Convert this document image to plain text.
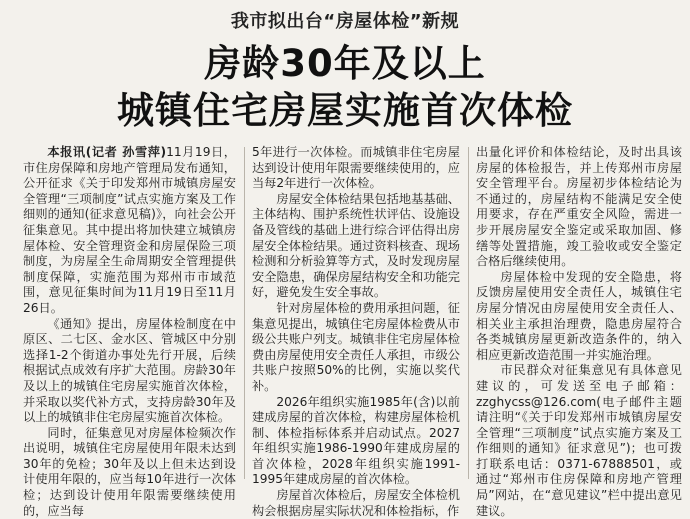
我市拟出台“房屋体检”新规
房龄30年及以上
城镇住宅房屋实施首次体检

本报讯(记者 孙雪萍)11月19日，市住房保障和房地产管理局发布通知，公开征求《关于印发郑州市城镇房屋安全管理“三项制度”试点实施方案及工作细则的通知(征求意见稿)》，向社会公开征集意见。其中提出将加快建立城镇房屋体检、安全管理资金和房屋保险三项制度，为房屋全生命周期安全管理提供制度保障，实施范围为郑州市市域范围，意见征集时间为11月19日至11月26日。

《通知》提出，房屋体检制度在中原区、二七区、金水区、管城区中分别选择1-2个街道办事处先行开展，后续根据试点成效有序扩大范围。房龄30年及以上的城镇住宅房屋实施首次体检，并采取以奖代补方式，支持房龄30年及以上的城镇非住宅房屋实施首次体检。

同时，征集意见对房屋体检频次作出说明，城镇住宅房屋使用年限未达到30年的免检；30年及以上但未达到设计使用年限的，应当每10年进行一次体检；达到设计使用年限需要继续使用的，应当每

5年进行一次体检。而城镇非住宅房屋达到设计使用年限需要继续使用的，应当每2年进行一次体检。

房屋安全体检结果包括地基基础、主体结构、围护系统性状评估、设施设备及管线的基础上进行综合评估得出房屋安全体检结果。通过资料核查、现场检测和分析验算等方式，及时发现房屋安全隐患，确保房屋结构安全和功能完好，避免发生安全事故。

针对房屋体检的费用承担问题，征集意见提出，城镇住宅房屋体检费从市级公共账户列支。城镇非住宅房屋体检费由房屋使用安全责任人承担，市级公共账户按照50%的比例，实施以奖代补。

2026年组织实施1985年(含)以前建成房屋的首次体检，构建房屋体检机制、体检指标体系并启动试点。2027年组织实施1986-1990年建成房屋的首次体检，2028年组织实施1991-1995年建成房屋的首次体检。

房屋首次体检后，房屋安全体检机构会根据房屋实际状况和体检指标，作

出量化评价和体检结论，及时出具该房屋的体检报告，并上传郑州市房屋安全管理平台。房屋初步体检结论为不通过的，房屋结构不能满足安全使用要求，存在严重安全风险，需进一步开展房屋安全鉴定或采取加固、修缮等处置措施，竣工验收或安全鉴定合格后继续使用。

房屋体检中发现的安全隐患，将反馈房屋使用安全责任人，城镇住宅房屋分情况由房屋使用安全责任人、相关业主承担治理费，隐患房屋符合各类城镇房屋更新改造条件的，纳入相应更新改造范围一并实施治理。

市民群众对征集意见有具体意见建议的，可发送至电子邮箱：zzghycss@126.com(电子邮件主题请注明“《关于印发郑州市城镇房屋安全管理“三项制度”试点实施方案及工作细则的通知》征求意见”)；也可拨打联系电话：0371-67888501，或通过“郑州市住房保障和房地产管理局”网站，在“意见建议”栏中提出意见建议。
